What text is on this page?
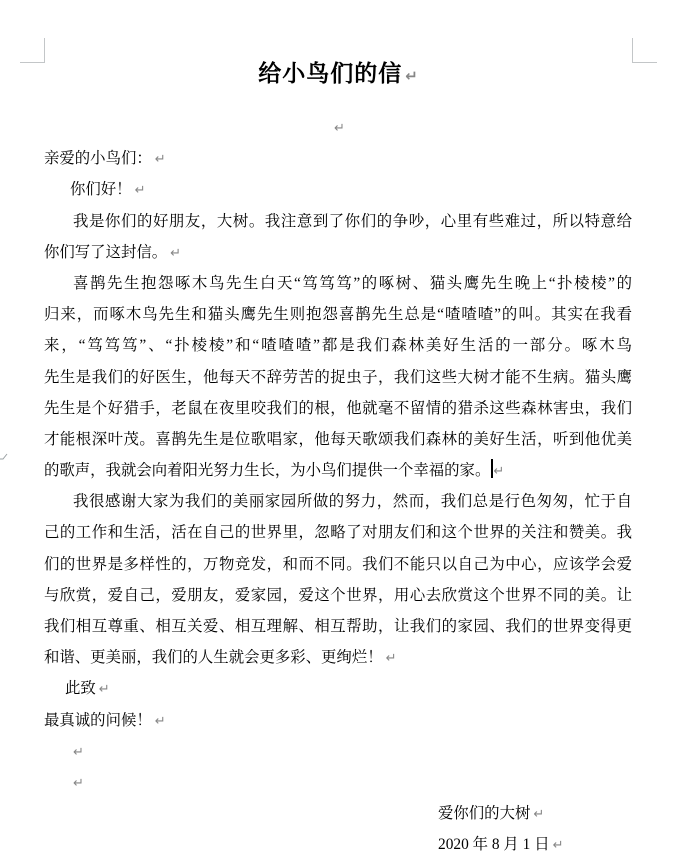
给小鸟们的信 ↵
↵
亲爱的小鸟们： ↵
你们好！ ↵
我是你们的好朋友，大树。我注意到了你们的争吵，心里有些难过，所以特意给
你们写了这封信。 ↵
喜鹊先生抱怨啄木鸟先生白天“笃笃笃”的啄树、猫头鹰先生晚上“扑棱棱”的
归来，而啄木鸟先生和猫头鹰先生则抱怨喜鹊先生总是“喳喳喳”的叫。其实在我看
来，“笃笃笃”、“扑棱棱”和“喳喳喳”都是我们森林美好生活的一部分。啄木鸟
先生是我们的好医生，他每天不辞劳苦的捉虫子，我们这些大树才能不生病。猫头鹰
先生是个好猎手，老鼠在夜里咬我们的根，他就毫不留情的猎杀这些森林害虫，我们
才能根深叶茂。喜鹊先生是位歌唱家，他每天歌颂我们森林的美好生活，听到他优美
的歌声，我就会向着阳光努力生长，为小鸟们提供一个幸福的家。 ↵
我很感谢大家为我们的美丽家园所做的努力，然而，我们总是行色匆匆，忙于自
己的工作和生活，活在自己的世界里，忽略了对朋友们和这个世界的关注和赞美。我
们的世界是多样性的，万物竞发，和而不同。我们不能只以自己为中心，应该学会爱
与欣赏，爱自己，爱朋友，爱家园，爱这个世界，用心去欣赏这个世界不同的美。让
我们相互尊重、相互关爱、相互理解、相互帮助，让我们的家园、我们的世界变得更
和谐、更美丽，我们的人生就会更多彩、更绚烂！ ↵
此致 ↵
最真诚的问候！ ↵
↵
↵
爱你们的大树 ↵
2020 年 8 月 1 日 ↵
